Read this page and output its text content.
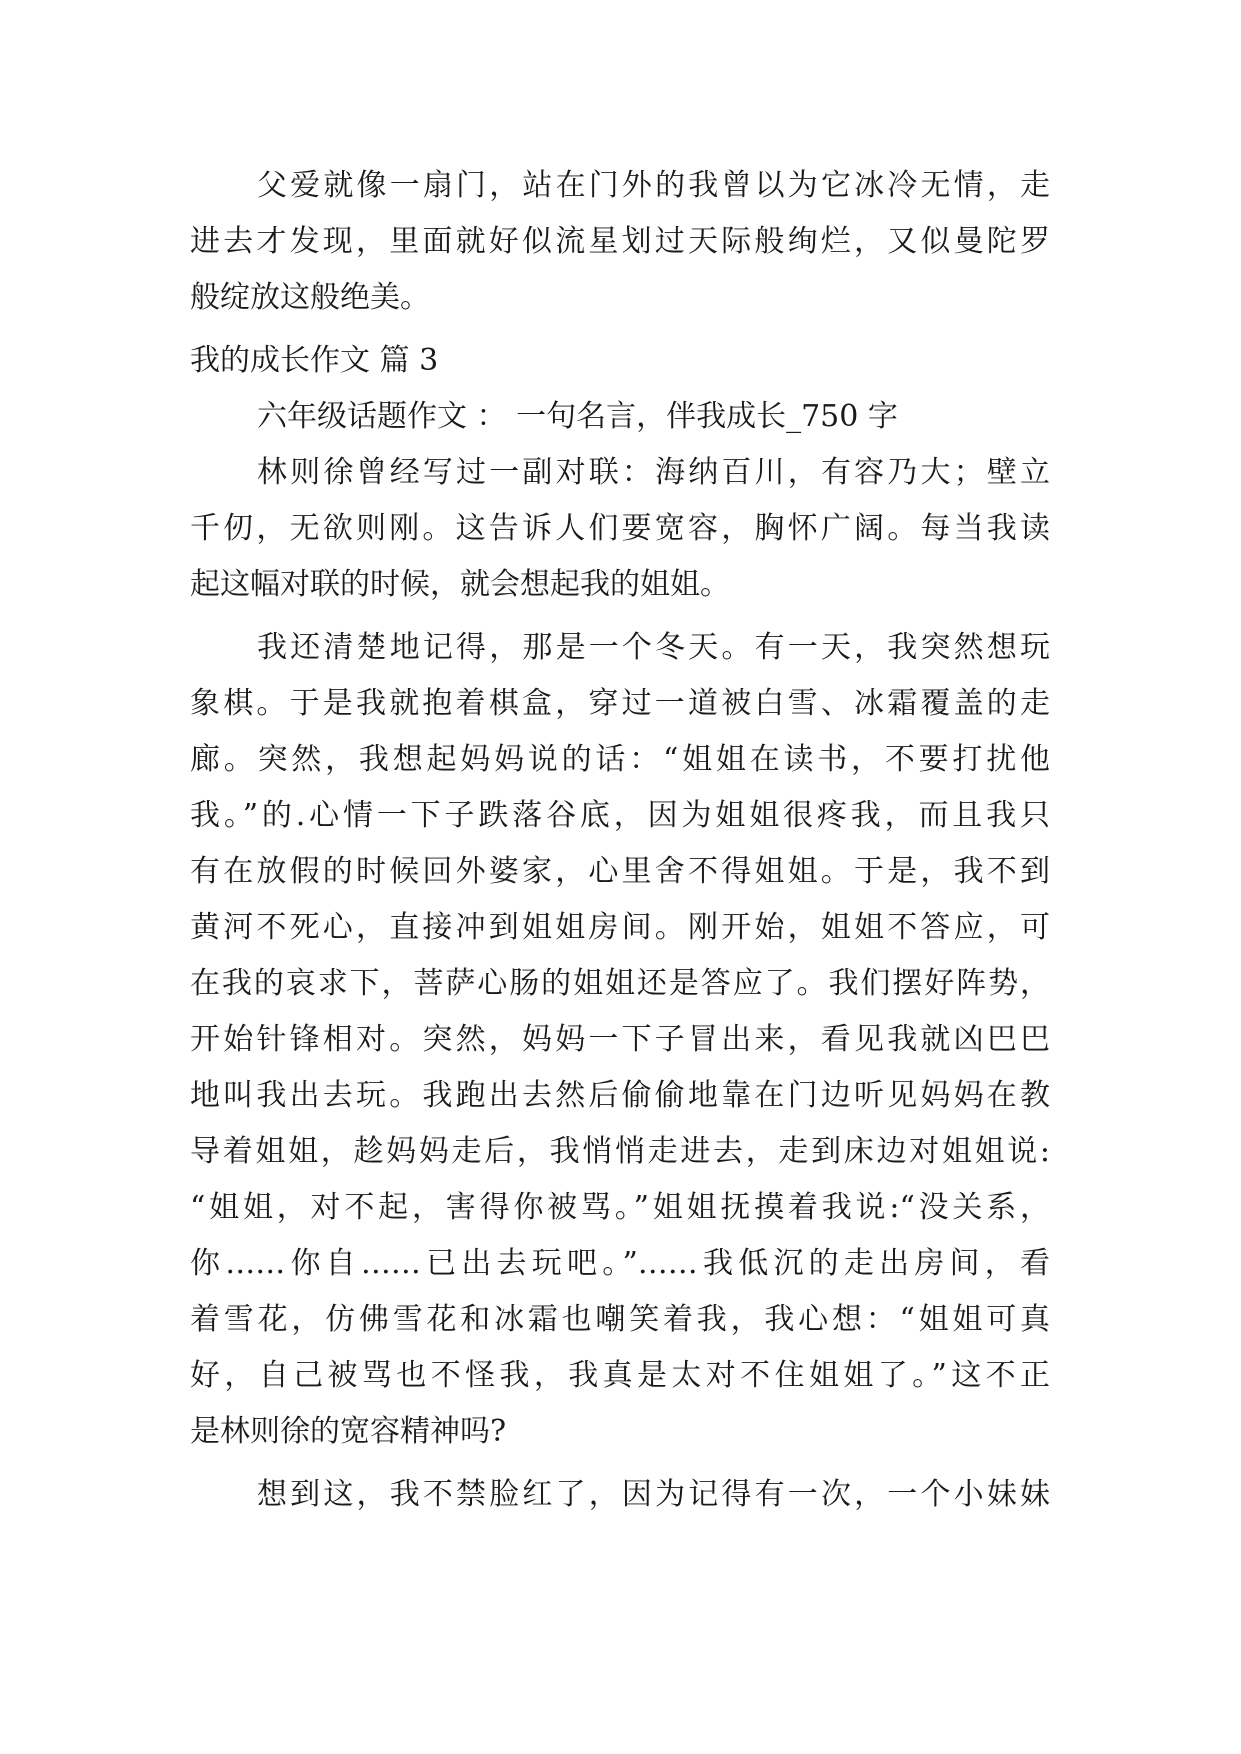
父爱就像一扇门，站在门外的我曾以为它冰冷无情，走
进去才发现，里面就好似流星划过天际般绚烂，又似曼陀罗
般绽放这般绝美。
我的成长作文 篇 3
六年级话题作文 ： 一句名言，伴我成长_750 字
林则徐曾经写过一副对联：海纳百川，有容乃大；壁立
千仞，无欲则刚。这告诉人们要宽容，胸怀广阔。每当我读
起这幅对联的时候，就会想起我的姐姐。
我还清楚地记得，那是一个冬天。有一天，我突然想玩
象棋。于是我就抱着棋盒，穿过一道被白雪、冰霜覆盖的走
廊。突然，我想起妈妈说的话：“姐姐在读书，不要打扰他
我。”的.心情一下子跌落谷底，因为姐姐很疼我，而且我只
有在放假的时候回外婆家，心里舍不得姐姐。于是，我不到
黄河不死心，直接冲到姐姐房间。刚开始，姐姐不答应，可
在我的哀求下，菩萨心肠的姐姐还是答应了。我们摆好阵势，
开始针锋相对。突然，妈妈一下子冒出来，看见我就凶巴巴
地叫我出去玩。我跑出去然后偷偷地靠在门边听见妈妈在教
导着姐姐，趁妈妈走后，我悄悄走进去，走到床边对姐姐说:
“姐姐，对不起，害得你被骂。”姐姐抚摸着我说:“没关系，
你……你自……已出去玩吧。”……我低沉的走出房间，看
着雪花，仿佛雪花和冰霜也嘲笑着我，我心想：“姐姐可真
好，自己被骂也不怪我，我真是太对不住姐姐了。”这不正
是林则徐的宽容精神吗?
想到这，我不禁脸红了，因为记得有一次，一个小妹妹
